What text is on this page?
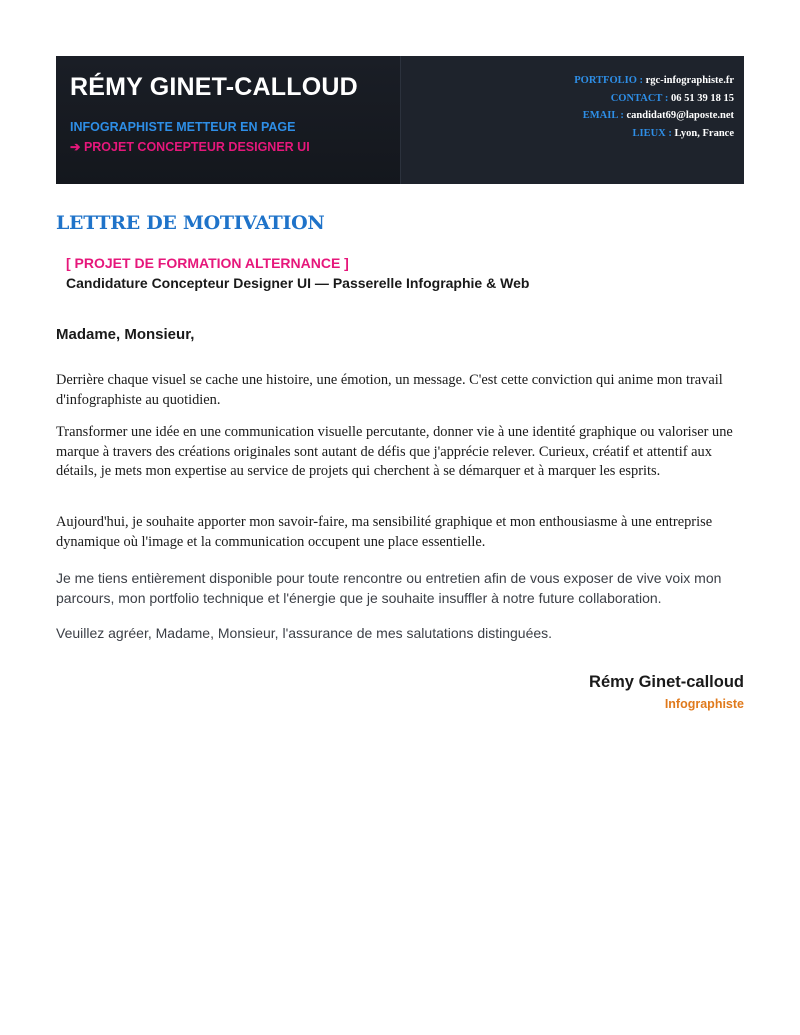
RÉMY GINET-CALLOUD
INFOGRAPHISTE METTEUR EN PAGE
➔ PROJET CONCEPTEUR DESIGNER UI
PORTFOLIO : rgc-infographiste.fr
CONTACT : 06 51 39 18 15
EMAIL : candidat69@laposte.net
LIEUX : Lyon, France
LETTRE DE MOTIVATION
[ PROJET DE FORMATION ALTERNANCE ]
Candidature Concepteur Designer UI — Passerelle Infographie & Web
Madame, Monsieur,

Derrière chaque visuel se cache une histoire, une émotion, un message. C'est cette conviction qui anime mon travail d'infographiste au quotidien.

Transformer une idée en une communication visuelle percutante, donner vie à une identité graphique ou valoriser une marque à travers des créations originales sont autant de défis que j'apprécie relever. Curieux, créatif et attentif aux détails, je mets mon expertise au service de projets qui cherchent à se démarquer et à marquer les esprits.

Aujourd'hui, je souhaite apporter mon savoir-faire, ma sensibilité graphique et mon enthousiasme à une entreprise dynamique où l'image et la communication occupent une place essentielle.

Je me tiens entièrement disponible pour toute rencontre ou entretien afin de vous exposer de vive voix mon parcours, mon portfolio technique et l'énergie que je souhaite insuffler à notre future collaboration.

Veuillez agréer, Madame, Monsieur, l'assurance de mes salutations distinguées.

Rémy Ginet-calloud
Infographiste
